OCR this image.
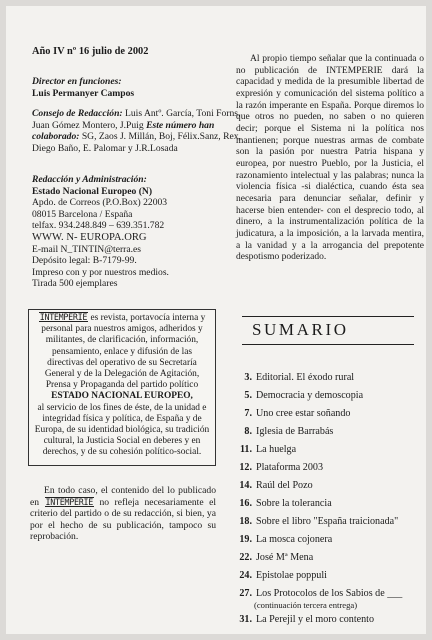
Año IV nº 16 julio de 2002
Director en funciones:
Luis Permanyer Campos
Consejo de Redacción: Luis Antº. García, Toni Forns, Juan Gómez Montero, J.Puig Este número han colaborado: SG, Zaos J. Millán, Boj, Félix.Sanz, Rex, Diego Baño, E. Palomar y J.R.Losada
Redacción y Administración:
Estado Nacional Europeo (N)
Apdo. de Correos (P.O.Box) 22003
08015 Barcelona / España
telfax. 934.248.849 – 639.351.782
WWW. N- EUROPA.ORG
E-mail N_TINTIN@terra.es
Depósito legal: B-7179-99.
Impreso con y por nuestros medios.
Tirada 500 ejemplares
INTEMPERIE es revista, portavocía interna y personal para nuestros amigos, adheridos y militantes, de clarificación, información, pensamiento, enlace y difusión de las directivas del operativo de su Secretaría General y de la Delegación de Agitación, Prensa y Propaganda del partido político
ESTADO NACIONAL EUROPEO,
al servicio de los fines de éste, de la unidad e integridad física y política, de España y de Europa, de su identidad biológica, su tradición cultural, la Justicia Social en deberes y en derechos, y de su cohesión político-social.
En todo caso, el contenido del lo publicado en INTEMPERIE no refleja necesariamente el criterio del partido o de su redacción, si bien, ya por el hecho de su publicación, tampoco su reprobación.
Al propio tiempo señalar que la continuada o no publicación de INTEMPERIE dará la capacidad y medida de la presumible libertad de expresión y comunicación del sistema político a la razón imperante en España. Porque diremos lo que otros no pueden, no saben o no quieren decir; porque el Sistema ni la política nos mantienen; porque nuestras armas de combate son la pasión por nuestra Patria hispana y europea, por nuestro Pueblo, por la Justicia, el razonamiento intelectual y las palabras; nunca la violencia física -si dialéctica, cuando ésta sea necesaria para denunciar señalar, definir y hacerse bien entender- con el desprecio todo, al dinero, a la instrumentalización política de la judicatura, a la imposición, a la larvada mentira, a la vanidad y a la arrogancia del prepotente despotismo poderizado.
SUMARIO
3. Editorial. El éxodo rural
5. Democracia y demoscopia
7. Uno cree estar soñando
8. Iglesia de Barrabás
11. La huelga
12. Plataforma 2003
14. Raúl del Pozo
16. Sobre la tolerancia
18. Sobre el libro "España traicionada"
19. La mosca cojonera
22. José Mª Mena
24. Epistolae poppuli
27. Los Protocolos de los Sabios de ___
(continuación tercera entrega)
31. La Perejil y el moro contento
